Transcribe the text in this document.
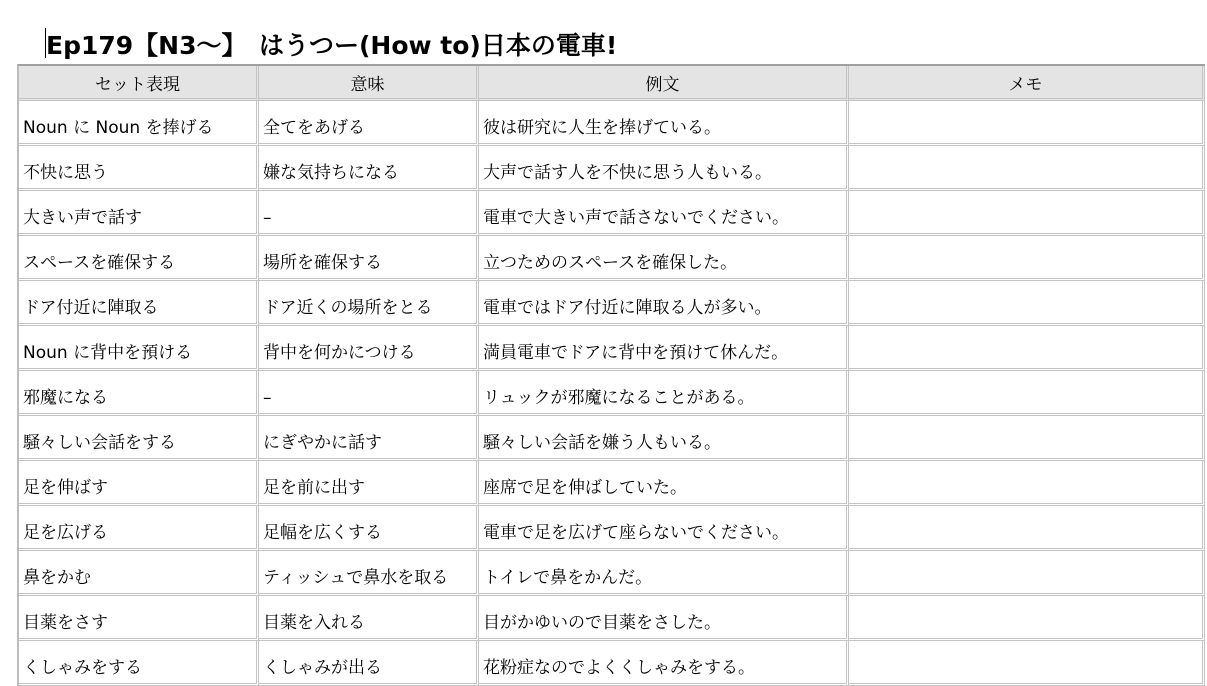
Ep179【N3～】　はうつー(How to)日本の電車!
セット表現	意味	例文	メモ
Noun に Noun を捧げる	全てをあげる	彼は研究に人生を捧げている。	
不快に思う	嫌な気持ちになる	大声で話す人を不快に思う人もいる。	
大きい声で話す	–	電車で大きい声で話さないでください。	
スペースを確保する	場所を確保する	立つためのスペースを確保した。	
ドア付近に陣取る	ドア近くの場所をとる	電車ではドア付近に陣取る人が多い。	
Noun に背中を預ける	背中を何かにつける	満員電車でドアに背中を預けて休んだ。	
邪魔になる	–	リュックが邪魔になることがある。	
騒々しい会話をする	にぎやかに話す	騒々しい会話を嫌う人もいる。	
足を伸ばす	足を前に出す	座席で足を伸ばしていた。	
足を広げる	足幅を広くする	電車で足を広げて座らないでください。	
鼻をかむ	ティッシュで鼻水を取る	トイレで鼻をかんだ。	
目薬をさす	目薬を入れる	目がかゆいので目薬をさした。	
くしゃみをする	くしゃみが出る	花粉症なのでよくくしゃみをする。	
